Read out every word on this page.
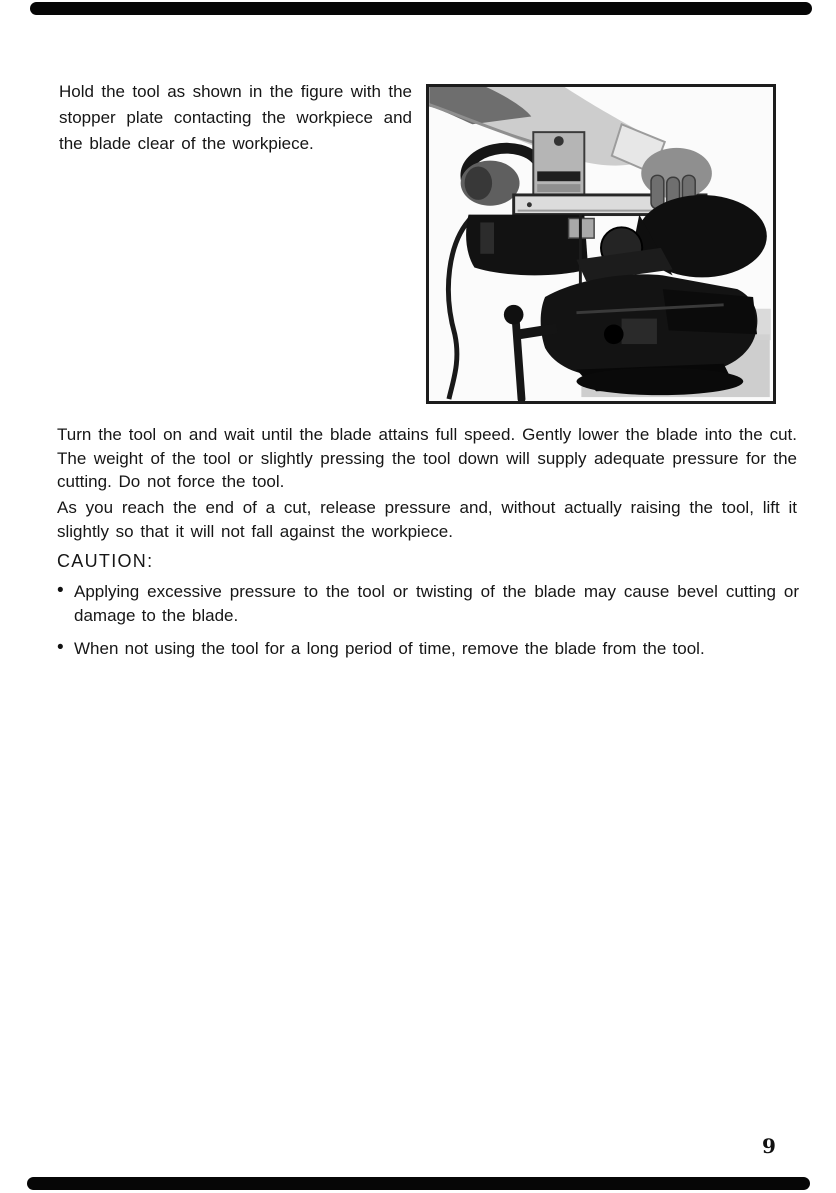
Hold the tool as shown in the figure with the stopper plate contacting the workpiece and the blade clear of the workpiece.

Turn the tool on and wait until the blade attains full speed. Gently lower the blade into the cut. The weight of the tool or slightly pressing the tool down will supply adequate pressure for the cutting. Do not force the tool.

As you reach the end of a cut, release pressure and, without actually raising the tool, lift it slightly so that it will not fall against the workpiece.

CAUTION:
• Applying excessive pressure to the tool or twisting of the blade may cause bevel cutting or damage to the blade.
• When not using the tool for a long period of time, remove the blade from the tool.
9
